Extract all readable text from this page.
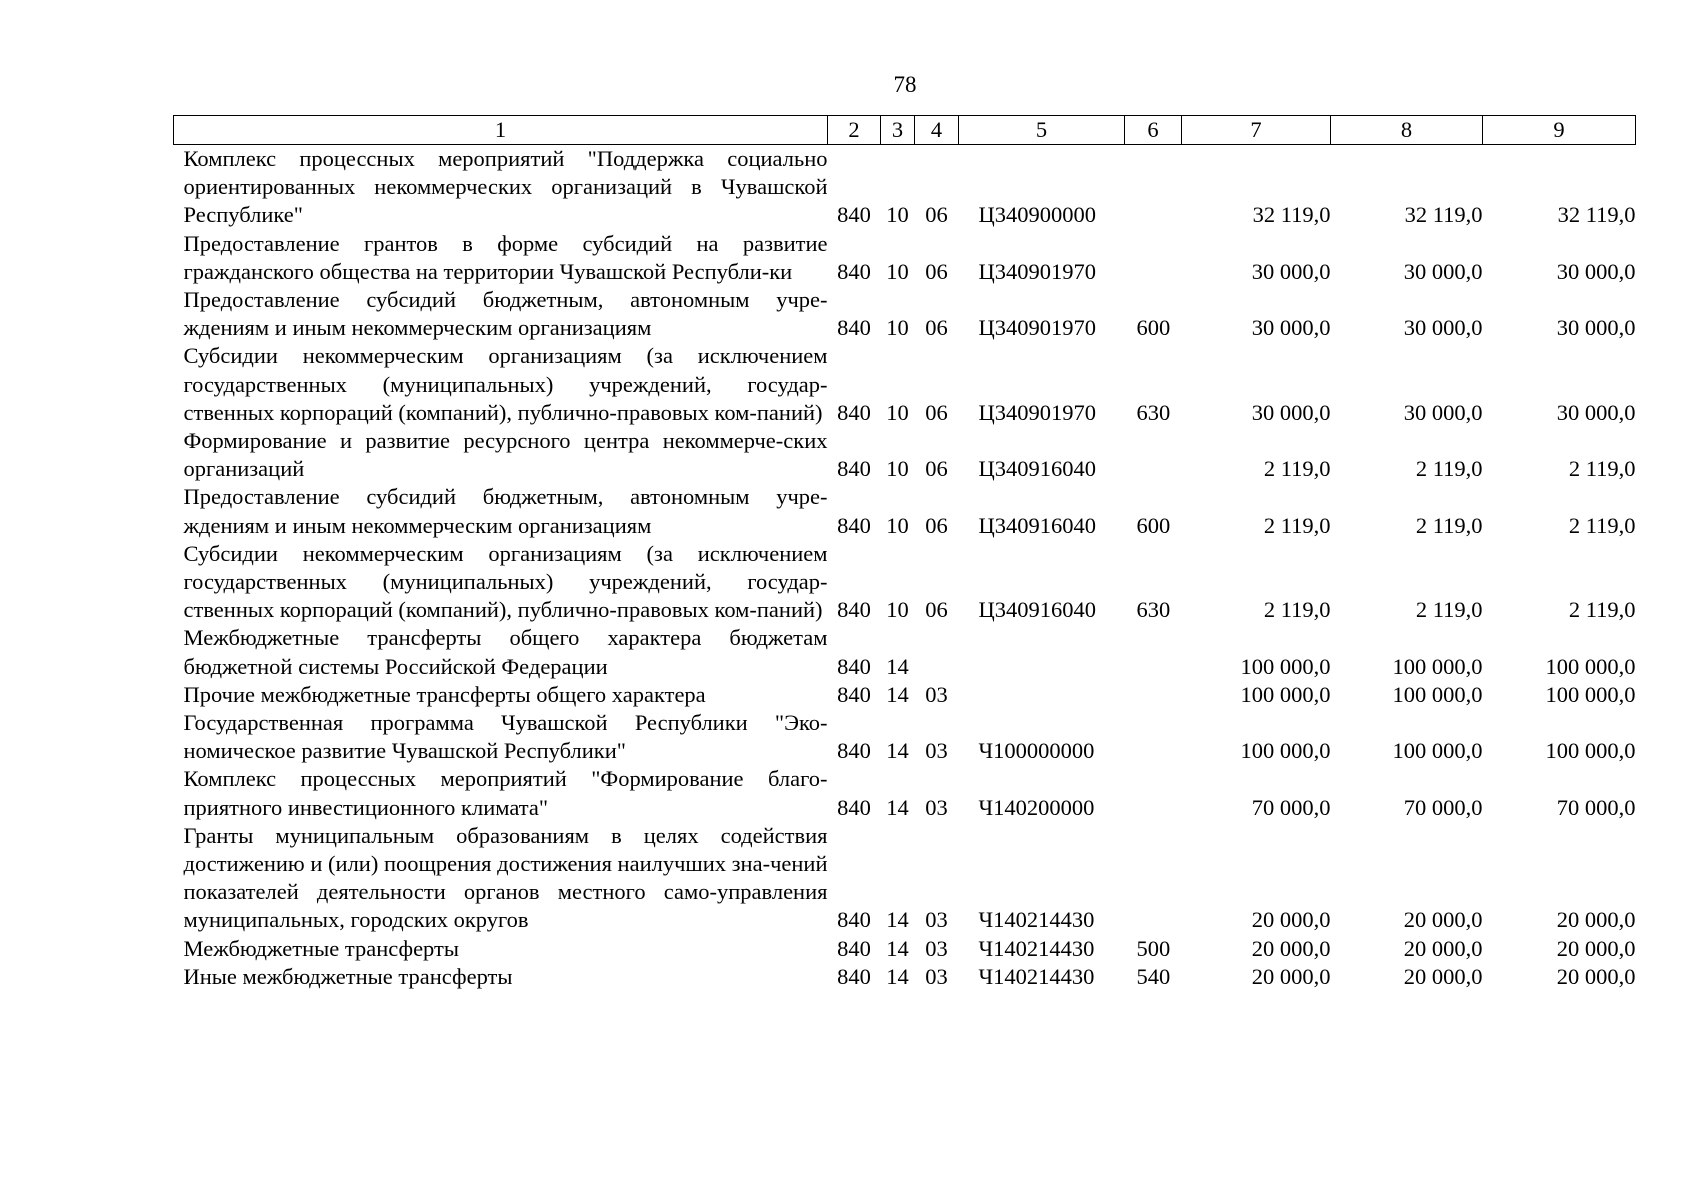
78
1	2	3	4	5	6	7	8	9
Комплекс процессных мероприятий "Поддержка социально ориентированных некоммерческих организаций в Чувашской Республике"	840	10	06	Ц340900000		32 119,0	32 119,0	32 119,0
Предоставление грантов в форме субсидий на развитие гражданского общества на территории Чувашской Республи-ки	840	10	06	Ц340901970		30 000,0	30 000,0	30 000,0
Предоставление субсидий бюджетным, автономным учре-ждениям и иным некоммерческим организациям	840	10	06	Ц340901970	600	30 000,0	30 000,0	30 000,0
Субсидии некоммерческим организациям (за исключением государственных (муниципальных) учреждений, государ-ственных корпораций (компаний), публично-правовых ком-паний)	840	10	06	Ц340901970	630	30 000,0	30 000,0	30 000,0
Формирование и развитие ресурсного центра некоммерче-ских организаций	840	10	06	Ц340916040		2 119,0	2 119,0	2 119,0
Предоставление субсидий бюджетным, автономным учре-ждениям и иным некоммерческим организациям	840	10	06	Ц340916040	600	2 119,0	2 119,0	2 119,0
Субсидии некоммерческим организациям (за исключением государственных (муниципальных) учреждений, государ-ственных корпораций (компаний), публично-правовых ком-паний)	840	10	06	Ц340916040	630	2 119,0	2 119,0	2 119,0
Межбюджетные трансферты общего характера бюджетам бюджетной системы Российской Федерации	840	14				100 000,0	100 000,0	100 000,0
Прочие межбюджетные трансферты общего характера	840	14	03			100 000,0	100 000,0	100 000,0
Государственная программа Чувашской Республики "Эко-номическое развитие Чувашской Республики"	840	14	03	Ч100000000		100 000,0	100 000,0	100 000,0
Комплекс процессных мероприятий "Формирование благо-приятного инвестиционного климата"	840	14	03	Ч140200000		70 000,0	70 000,0	70 000,0
Гранты муниципальным образованиям в целях содействия достижению и (или) поощрения достижения наилучших зна-чений показателей деятельности органов местного само-управления муниципальных, городских округов	840	14	03	Ч140214430		20 000,0	20 000,0	20 000,0
Межбюджетные трансферты	840	14	03	Ч140214430	500	20 000,0	20 000,0	20 000,0
Иные межбюджетные трансферты	840	14	03	Ч140214430	540	20 000,0	20 000,0	20 000,0
